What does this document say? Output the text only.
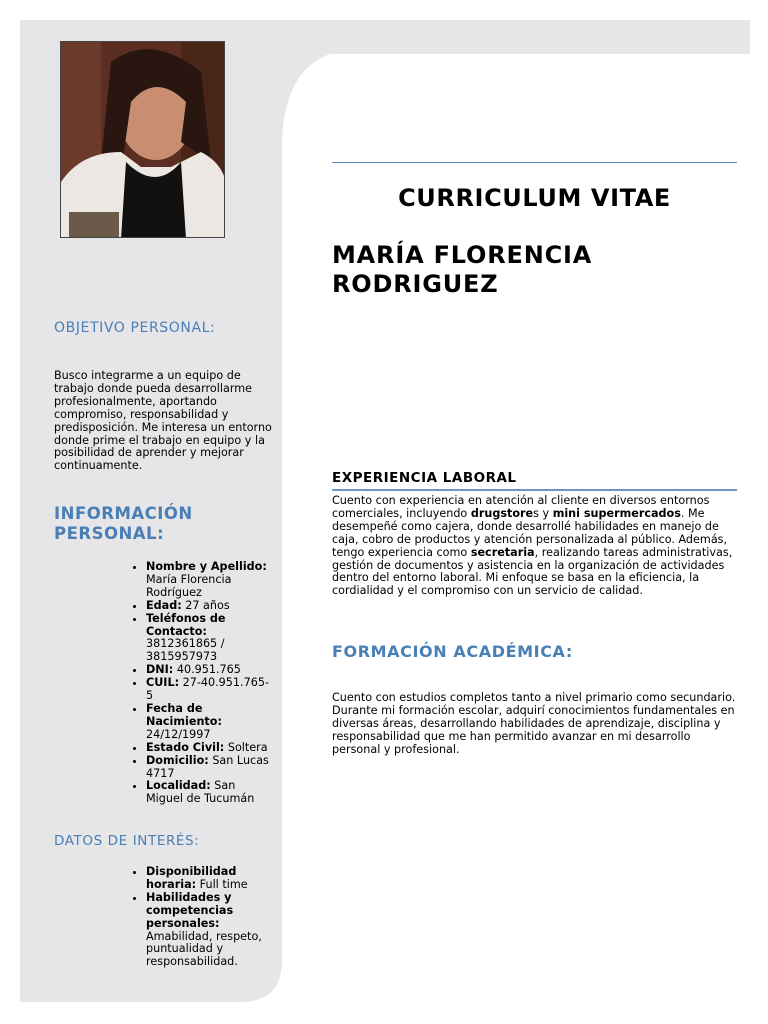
OBJETIVO PERSONAL:

Busco integrarme a un equipo de trabajo donde pueda desarrollarme profesionalmente, aportando compromiso, responsabilidad y predisposición. Me interesa un entorno donde prime el trabajo en equipo y la posibilidad de aprender y mejorar continuamente.

INFORMACIÓN PERSONAL:
• Nombre y Apellido: María Florencia Rodríguez
• Edad: 27 años
• Teléfonos de Contacto: 3812361865 / 3815957973
• DNI: 40.951.765
• CUIL: 27-40.951.765-5
• Fecha de Nacimiento: 24/12/1997
• Estado Civil: Soltera
• Domicilio: San Lucas 4717
• Localidad: San Miguel de Tucumán
DATOS DE INTERÉS:
• Disponibilidad horaria: Full time
• Habilidades y competencias personales: Amabilidad, respeto, puntualidad y responsabilidad.
CURRICULUM VITAE
MARÍA FLORENCIA RODRIGUEZ
EXPERIENCIA LABORAL

Cuento con experiencia en atención al cliente en diversos entornos comerciales, incluyendo drugstores y mini supermercados. Me desempeñé como cajera, donde desarrollé habilidades en manejo de caja, cobro de productos y atención personalizada al público. Además, tengo experiencia como secretaria, realizando tareas administrativas, gestión de documentos y asistencia en la organización de actividades dentro del entorno laboral. Mi enfoque se basa en la eficiencia, la cordialidad y el compromiso con un servicio de calidad.

FORMACIÓN ACADÉMICA:

Cuento con estudios completos tanto a nivel primario como secundario. Durante mi formación escolar, adquirí conocimientos fundamentales en diversas áreas, desarrollando habilidades de aprendizaje, disciplina y responsabilidad que me han permitido avanzar en mi desarrollo personal y profesional.
